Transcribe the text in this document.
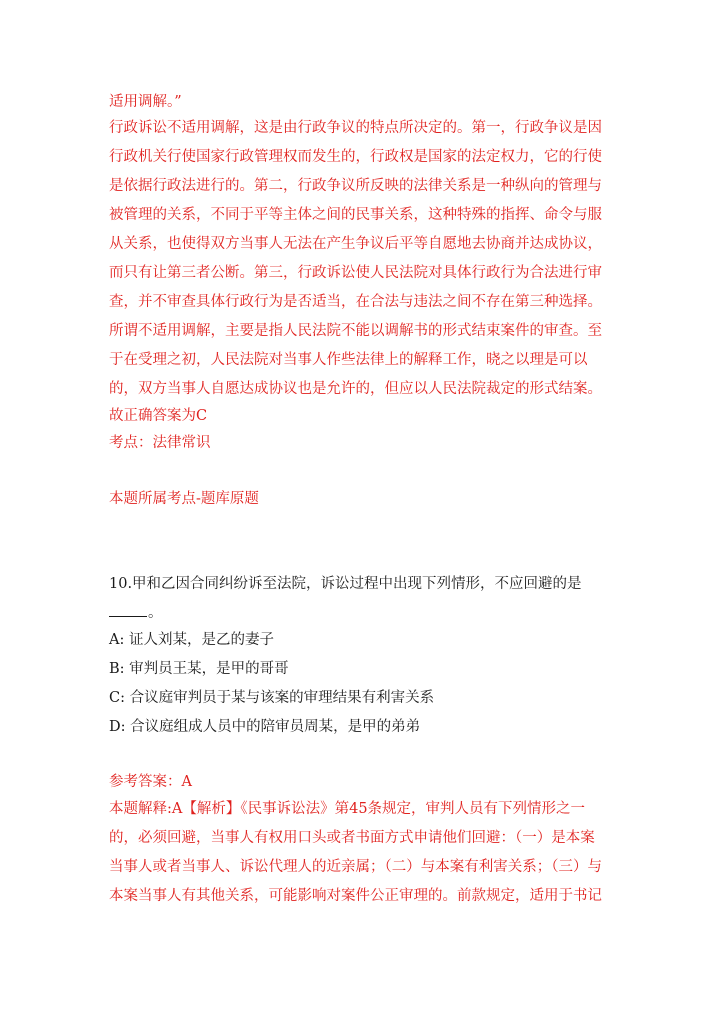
适用调解。”
行政诉讼不适用调解，这是由行政争议的特点所决定的。第一，行政争议是因
行政机关行使国家行政管理权而发生的，行政权是国家的法定权力，它的行使
是依据行政法进行的。第二，行政争议所反映的法律关系是一种纵向的管理与
被管理的关系，不同于平等主体之间的民事关系，这种特殊的指挥、命令与服
从关系，也使得双方当事人无法在产生争议后平等自愿地去协商并达成协议，
而只有让第三者公断。第三，行政诉讼使人民法院对具体行政行为合法进行审
查，并不审查具体行政行为是否适当，在合法与违法之间不存在第三种选择。
所谓不适用调解，主要是指人民法院不能以调解书的形式结束案件的审查。至
于在受理之初，人民法院对当事人作些法律上的解释工作，晓之以理是可以
的，双方当事人自愿达成协议也是允许的，但应以人民法院裁定的形式结案。
故正确答案为C
考点：法律常识
本题所属考点-题库原题
10.甲和乙因合同纠纷诉至法院，诉讼过程中出现下列情形，不应回避的是
。
A: 证人刘某，是乙的妻子
B: 审判员王某，是甲的哥哥
C: 合议庭审判员于某与该案的审理结果有利害关系
D: 合议庭组成人员中的陪审员周某，是甲的弟弟
参考答案：A
本题解释:A【解析】《民事诉讼法》第45条规定，审判人员有下列情形之一
的，必须回避，当事人有权用口头或者书面方式申请他们回避：（一）是本案
当事人或者当事人、诉讼代理人的近亲属；（二）与本案有利害关系；（三）与
本案当事人有其他关系，可能影响对案件公正审理的。前款规定，适用于书记
